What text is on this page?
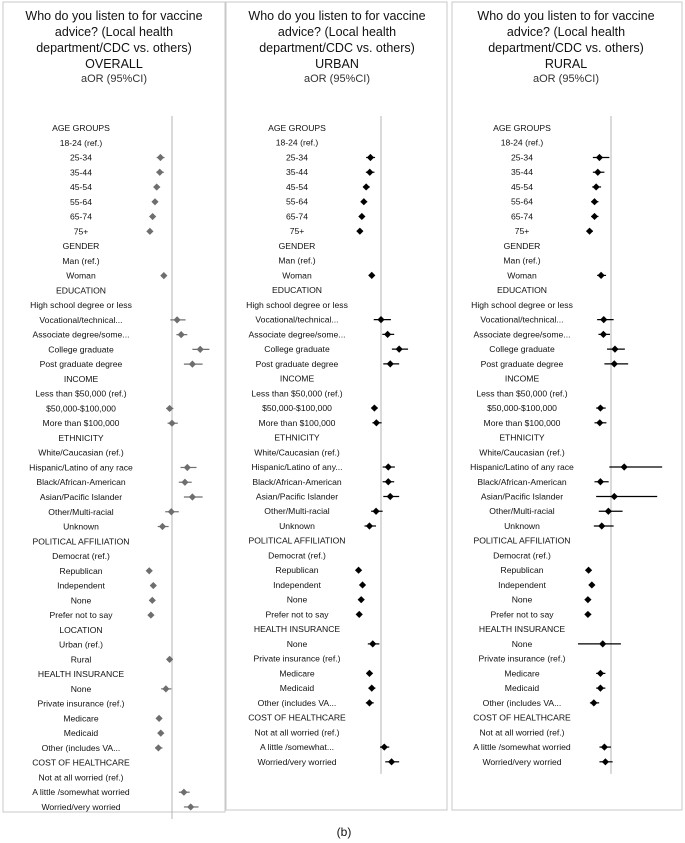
Who do you listen to for vaccine
advice? (Local health
department/CDC vs. others)
OVERALL
aOR (95%CI)
AGE GROUPS
18-24 (ref.)
25-34
35-44
45-54
55-64
65-74
75+
GENDER
Man (ref.)
Woman
EDUCATION
High school degree or less
Vocational/technical...
Associate degree/some...
College graduate
Post graduate degree
INCOME
Less than $50,000 (ref.)
$50,000-$100,000
More than $100,000
ETHNICITY
White/Caucasian (ref.)
Hispanic/Latino of any race
Black/African-American
Asian/Pacific Islander
Other/Multi-racial
Unknown
POLITICAL AFFILIATION
Democrat (ref.)
Republican
Independent
None
Prefer not to say
LOCATION
Urban (ref.)
Rural
HEALTH INSURANCE
None
Private insurance (ref.)
Medicare
Medicaid
Other (includes VA...
COST OF HEALTHCARE
Not at all worried (ref.)
A little /somewhat worried
Worried/very worried
Who do you listen to for vaccine
advice? (Local health
department/CDC vs. others)
URBAN
aOR (95%CI)
AGE GROUPS
18-24 (ref.)
25-34
35-44
45-54
55-64
65-74
75+
GENDER
Man (ref.)
Woman
EDUCATION
High school degree or less
Vocational/technical...
Associate degree/some...
College graduate
Post graduate degree
INCOME
Less than $50,000 (ref.)
$50,000-$100,000
More than $100,000
ETHNICITY
White/Caucasian (ref.)
Hispanic/Latino of any...
Black/African-American
Asian/Pacific Islander
Other/Multi-racial
Unknown
POLITICAL AFFILIATION
Democrat (ref.)
Republican
Independent
None
Prefer not to say
HEALTH INSURANCE
None
Private insurance (ref.)
Medicare
Medicaid
Other (includes VA...
COST OF HEALTHCARE
Not at all worried (ref.)
A little /somewhat...
Worried/very worried
Who do you listen to for vaccine
advice? (Local health
department/CDC vs. others)
RURAL
aOR (95%CI)
AGE GROUPS
18-24 (ref.)
25-34
35-44
45-54
55-64
65-74
75+
GENDER
Man (ref.)
Woman
EDUCATION
High school degree or less
Vocational/technical...
Associate degree/some...
College graduate
Post graduate degree
INCOME
Less than $50,000 (ref.)
$50,000-$100,000
More than $100,000
ETHNICITY
White/Caucasian (ref.)
Hispanic/Latino of any race
Black/African-American
Asian/Pacific Islander
Other/Multi-racial
Unknown
POLITICAL AFFILIATION
Democrat (ref.)
Republican
Independent
None
Prefer not to say
HEALTH INSURANCE
None
Private insurance (ref.)
Medicare
Medicaid
Other (includes VA...
COST OF HEALTHCARE
Not at all worried (ref.)
A little /somewhat worried
Worried/very worried
(b)
